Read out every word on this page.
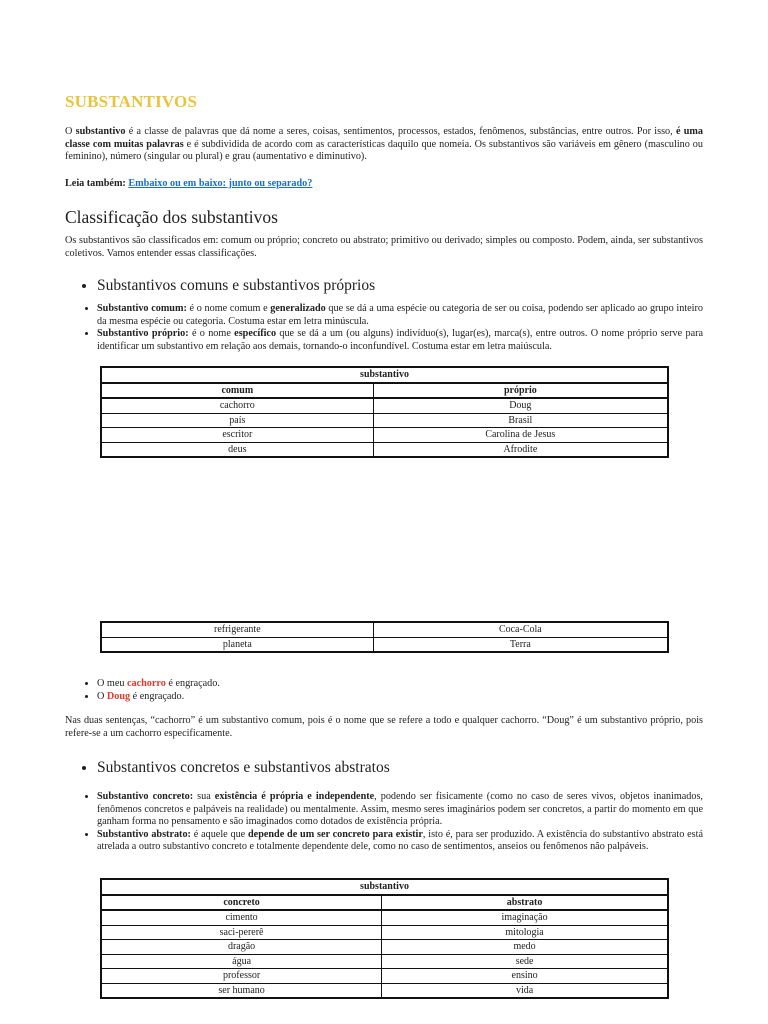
SUBSTANTIVOS

O substantivo é a classe de palavras que dá nome a seres, coisas, sentimentos, processos, estados, fenômenos, substâncias, entre outros. Por isso, é uma classe com muitas palavras e é subdividida de acordo com as características daquilo que nomeia. Os substantivos são variáveis em gênero (masculino ou feminino), número (singular ou plural) e grau (aumentativo e diminutivo).

Leia também: Embaixo ou em baixo: junto ou separado?

Classificação dos substantivos

Os substantivos são classificados em: comum ou próprio; concreto ou abstrato; primitivo ou derivado; simples ou composto. Podem, ainda, ser substantivos coletivos. Vamos entender essas classificações.

• Substantivos comuns e substantivos próprios
• Substantivo comum: é o nome comum e generalizado que se dá a uma espécie ou categoria de ser ou coisa, podendo ser aplicado ao grupo inteiro da mesma espécie ou categoria. Costuma estar em letra minúscula.
• Substantivo próprio: é o nome específico que se dá a um (ou alguns) indivíduo(s), lugar(es), marca(s), entre outros. O nome próprio serve para identificar um substantivo em relação aos demais, tornando-o inconfundível. Costuma estar em letra maiúscula.
substantivo	
comum	próprio
cachorro	Doug
país	Brasil
escritor	Carolina de Jesus
deus	Afrodite
refrigerante	Coca-Cola
planeta	Terra
• O meu cachorro é engraçado.
• O Doug é engraçado.

Nas duas sentenças, “cachorro” é um substantivo comum, pois é o nome que se refere a todo e qualquer cachorro. “Doug” é um substantivo próprio, pois refere-se a um cachorro especificamente.

• Substantivos concretos e substantivos abstratos
• Substantivo concreto: sua existência é própria e independente, podendo ser fisicamente (como no caso de seres vivos, objetos inanimados, fenômenos concretos e palpáveis na realidade) ou mentalmente. Assim, mesmo seres imaginários podem ser concretos, a partir do momento em que ganham forma no pensamento e são imaginados como dotados de existência própria.
• Substantivo abstrato: é aquele que depende de um ser concreto para existir, isto é, para ser produzido. A existência do substantivo abstrato está atrelada a outro substantivo concreto e totalmente dependente dele, como no caso de sentimentos, anseios ou fenômenos não palpáveis.
substantivo	
concreto	abstrato
cimento	imaginação
saci-pererê	mitologia
dragão	medo
água	sede
professor	ensino
ser humano	vida
